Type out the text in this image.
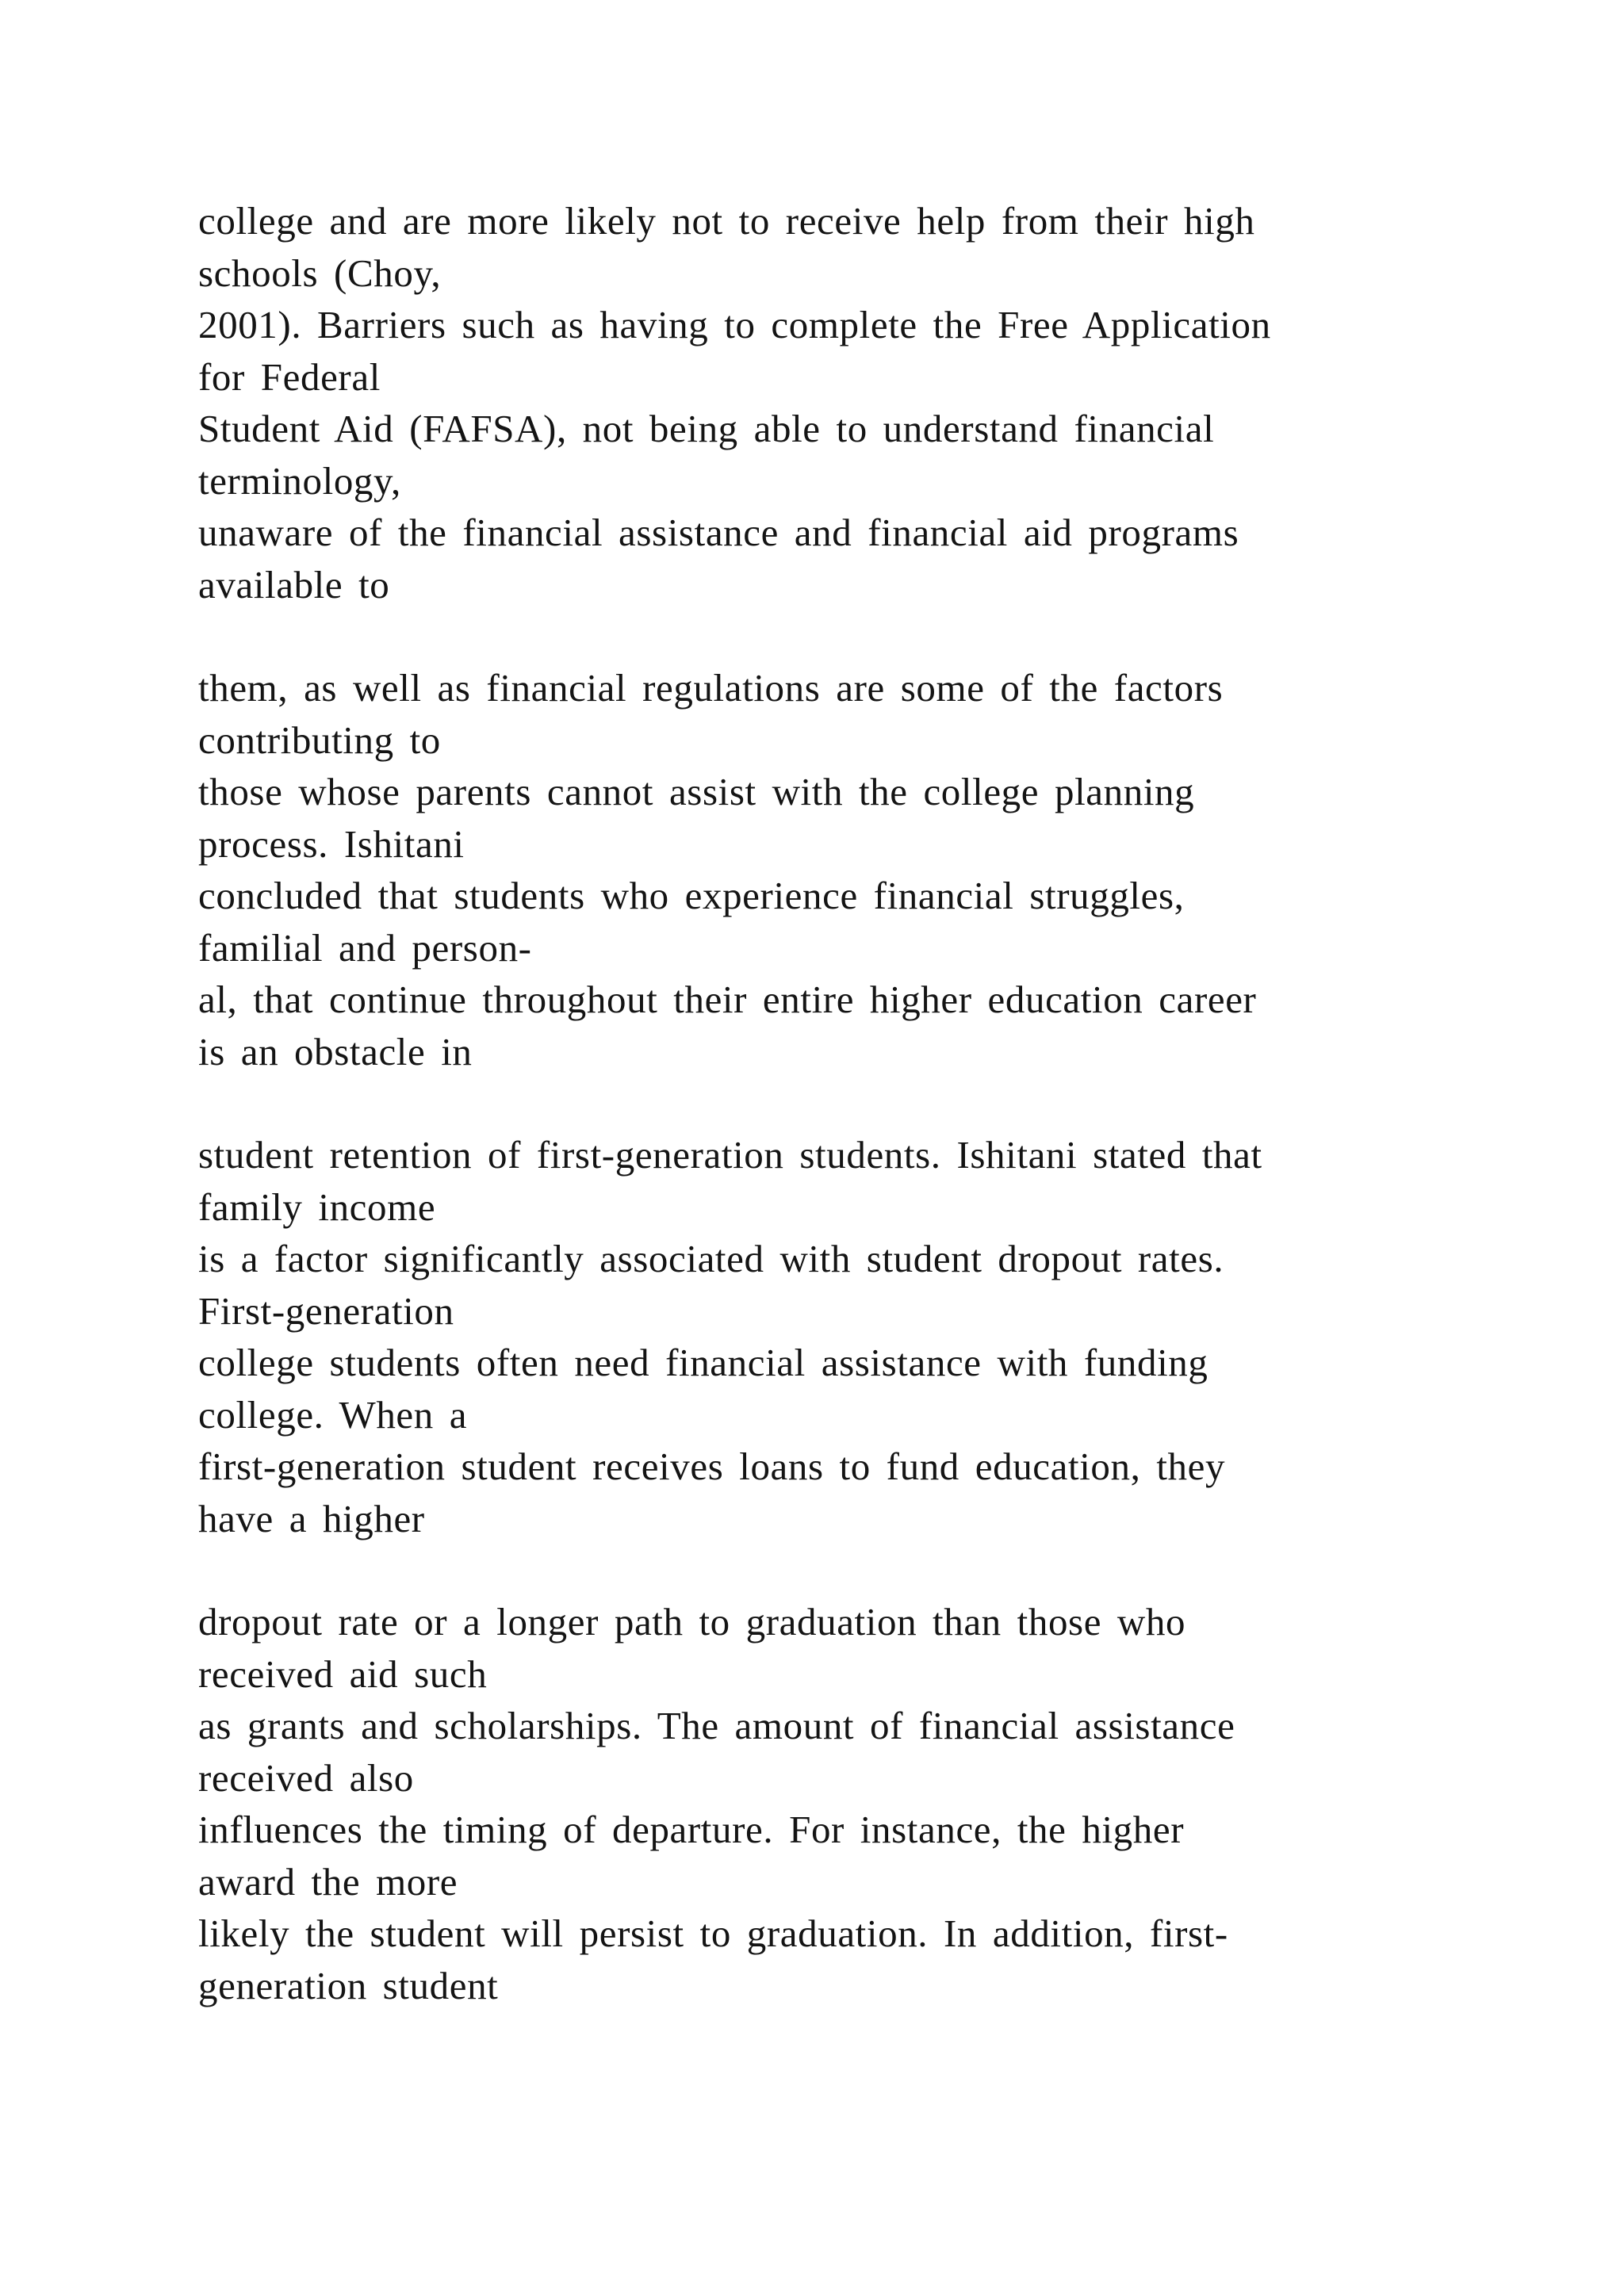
college and are more likely not to receive help from their high
schools (Choy,
2001). Barriers such as having to complete the Free Application
for Federal
Student Aid (FAFSA), not being able to understand financial
terminology,
unaware of the financial assistance and financial aid programs
available to

them, as well as financial regulations are some of the factors
contributing to
those whose parents cannot assist with the college planning
process. Ishitani
concluded that students who experience financial struggles,
familial and person-
al, that continue throughout their entire higher education career
is an obstacle in

student retention of first-generation students. Ishitani stated that
family income
is a factor significantly associated with student dropout rates.
First-generation
college students often need financial assistance with funding
college. When a
first-generation student receives loans to fund education, they
have a higher

dropout rate or a longer path to graduation than those who
received aid such
as grants and scholarships. The amount of financial assistance
received also
influences the timing of departure. For instance, the higher
award the more
likely the student will persist to graduation. In addition, first-
generation student
